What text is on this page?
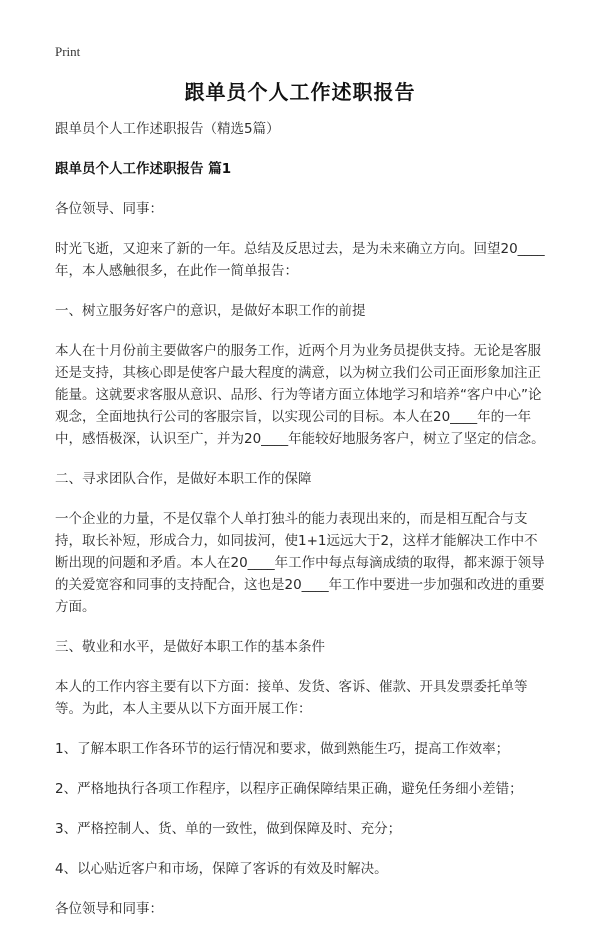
Print
跟单员个人工作述职报告

跟单员个人工作述职报告（精选5篇）

跟单员个人工作述职报告 篇1

各位领导、同事：

时光飞逝，又迎来了新的一年。总结及反思过去，是为未来确立方向。回望20____年，本人感触很多，在此作一简单报告：

一、树立服务好客户的意识，是做好本职工作的前提

本人在十月份前主要做客户的服务工作，近两个月为业务员提供支持。无论是客服还是支持，其核心即是使客户最大程度的满意，以为树立我们公司正面形象加注正能量。这就要求客服从意识、品形、行为等诸方面立体地学习和培养“客户中心”论观念，全面地执行公司的客服宗旨，以实现公司的目标。本人在20____年的一年中，感悟极深，认识至广，并为20____年能较好地服务客户，树立了坚定的信念。

二、寻求团队合作，是做好本职工作的保障

一个企业的力量，不是仅靠个人单打独斗的能力表现出来的，而是相互配合与支持，取长补短，形成合力，如同拔河，使1+1远远大于2，这样才能解决工作中不断出现的问题和矛盾。本人在20____年工作中每点每滴成绩的取得，都来源于领导的关爱宽容和同事的支持配合，这也是20____年工作中要进一步加强和改进的重要方面。

三、敬业和水平，是做好本职工作的基本条件

本人的工作内容主要有以下方面：接单、发货、客诉、催款、开具发票委托单等等。为此，本人主要从以下方面开展工作：

1、了解本职工作各环节的运行情况和要求，做到熟能生巧，提高工作效率；

2、严格地执行各项工作程序，以程序正确保障结果正确，避免任务细小差错；

3、严格控制人、货、单的一致性，做到保障及时、充分；

4、以心贴近客户和市场，保障了客诉的有效及时解决。

各位领导和同事：
